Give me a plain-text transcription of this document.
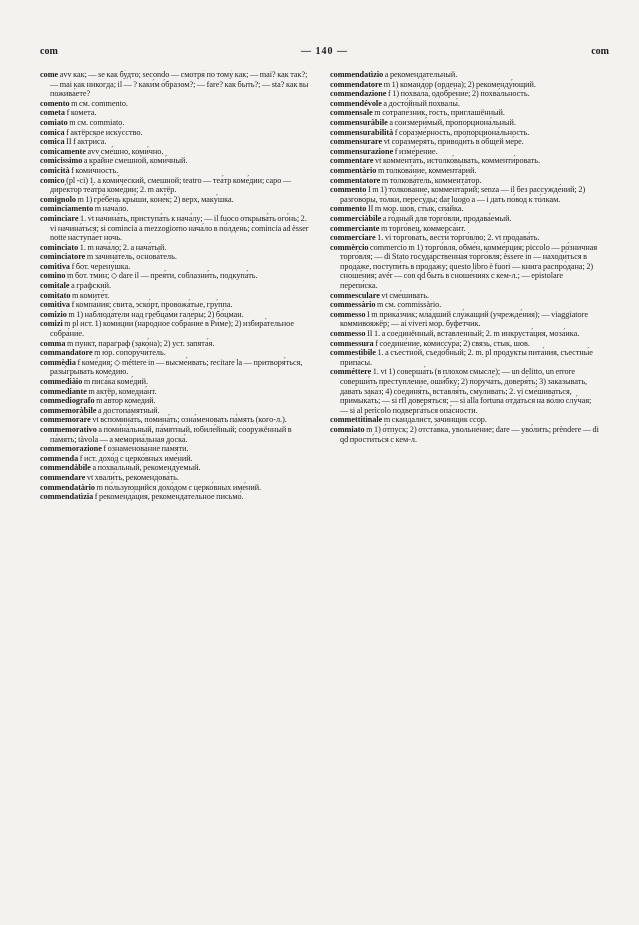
com	— 140 —	com

come avv как; — se как бу́дто; secondo — смотря́ по тому́ как; — mai? как так?; — mai как никогда; il — ? каки́м о́бразом?; — fare? как быть?; — sta? как вы пожива́ете?

comento m см. commento.

cometa f комета.

comiato m см. commiato.

comica f актёрское иску́сство.

comica II f актри́са.

comicamente avv сме́шно, коми́чно.

comicissimo a кра́йне смешно́й, коми́чный.

comicità f коми́чность.

comico (pl -ci) 1. a коми́ческий, смешной; teatro — теа́тр коме́дии; capo — дире́ктор теа́тра коме́дии; 2. m актёр.

comignolo m 1) гре́бень кры́ши, коне́к; 2) верх, маку́шка.

cominciamento m нача́ло.

cominciare 1. vt начина́ть, приступа́ть к нача́лу; — il fuoco открыва́ть ого́нь; 2. vi начина́ться; si cominciа a mezzogiorno нача́ло в по́лдень; cominciа ad èsser notte наступа́ет ночь.

cominciato 1. m нача́ло; 2. a нача́тый.

cominciatore m зачина́тель, основа́тель.

comitiva f бот. черену́шка.

comino m бот. тмин; ◇ dare il — прея́ти, соблазни́ть, подкупа́ть.

comitale a графский.

comitato m комите́т.

comitiva f компа́ния; свита, эско́рт, провожа́тые, гру́ппа.

comizio m 1) наблюда́тели над гребца́ми гале́ры; 2) бо́цман.

comizi m pl ист. 1) коми́ции (наро́дное собра́ние в Ри́ме); 2) избира́тельное собра́ние.

comma m пункт, параграф (зако́на); 2) уст. запята́я.

commandatore m юр. сопору́чи́тель.

commèdia f коме́дия; ◇ méttere in — высме́ивать; recitare la — притворя́ться, разы́грывать коме́дию.

commediàio m писа́ка коме́дий.

commediante m актёр, комедиа́нт.

commediografo m а́втор коме́дий.

commemoràbile a достопа́мятный.

commemorare vt вспомина́ть, помина́ть; озна́меновать па́мять (кого-л.).

commemorativo a поми́на́льный, па́мятный, юбиле́йный; сооружённый в па́мять; tàvola — а мемориа́льная доска́.

commemorazione f ознаменова́ние па́мяти.

commenda f ист. дохо́д с церко́вных име́ний.

commendàbile a похва́льный, рекоменду́емый.

commendare vt хвали́ть, рекомендова́ть.

commendatàrio m по́льзующийся дохо́дом с церко́вных име́ний.

commendatìzia f рекоменда́ция, рекомендательное письмо́.

commendatìzio a рекомендательный.

commendatore m 1) команд́ор (ордена); 2) рекоменду́ющий.

commendazione f 1) похвала́, одобре́ние; 2) похва́льность.

commendévole a досто́йный похвалы́.

commensale m сотрапе́зник, гость, приглашённый.

commensuràbile a соизмери́мый, пропорциона́льный.

commensurabilità f соразме́рность, пропорциона́льность.

commensurare vt соразме́рять, приводи́ть в о́бщей ме́ре.

commensurazione f изме́рение.

commentare vt коммента́ть, истолко́вывать, комменти́ровать.

commentàrio m толкова́ние, коммента́рий.

commentatore m толкова́тель, коммента́тор.

commento I m 1) толкова́ние, коммента́рий; senza — il без рассужде́ний; 2) разгово́ры, то́лки, пересу́ды; dar luogo a — i дать по́вод к то́лкам.

commento II m мор. шов, стык, спа́йка.

commerciàbile a го́дный для торго́вли, продава́емый.

commerciante m торго́вец, коммерса́нт.

commerciare 1. vi торгова́ть, вести́ торго́влю; 2. vt продава́ть.

commèrcio commercio m 1) торго́вля, обме́н, комме́рция; piccolo — ро́зничная торго́вля; — di Stato госуда́рственная торго́вля; èssere in — находи́ться в прода́же, поступи́ть в прода́жу; questo libro è fuori — книга распро́дана; 2) сноше́ния; avér — con qd быть в сноше́ниях с кем-л.; — epistolare перепи́ска.

commesculare vt сме́шивать.

commessàrio m см. commissàrio.

commesso I m прика́зчик; мла́дший слу́жащий (учрежде́ния); — viaggiatore коммивояжёр; — ai viveri мор. буфе́тчик.

commesso II 1. a соединённый, вставленный; 2. m инкруста́ция, моза́ика.

commessura f соедине́ние, комиссу́ра; 2) связь, стык, шов.

commestìbile 1. a съестно́й, съедо́бный; 2. m. pl продукты пита́ния, съестны́е припа́сы.

comméttere 1. vt 1) соверша́ть (в плохом смысле); — un delitto, un errore соверши́ть преступле́ние, оши́бку; 2) поруча́ть, доверя́ть; 3) заказывать, давать зака́з; 4) соединя́ть, вставля́ть, сму́ливать; 2. vi сме́шиваться, примыка́ть; — si rfl доверя́ться; — si alla fortuna отда́ться на во́лю слу́чая; — si al perìcolo подверга́ться опа́сности.

commettitìnale m скандалист, зачинщик ссор.

commiato m 1) о́тпуск; 2) отста́вка, увольне́ние; dare — уво́лить; prèndere — di qd прости́ться с кем-л.
